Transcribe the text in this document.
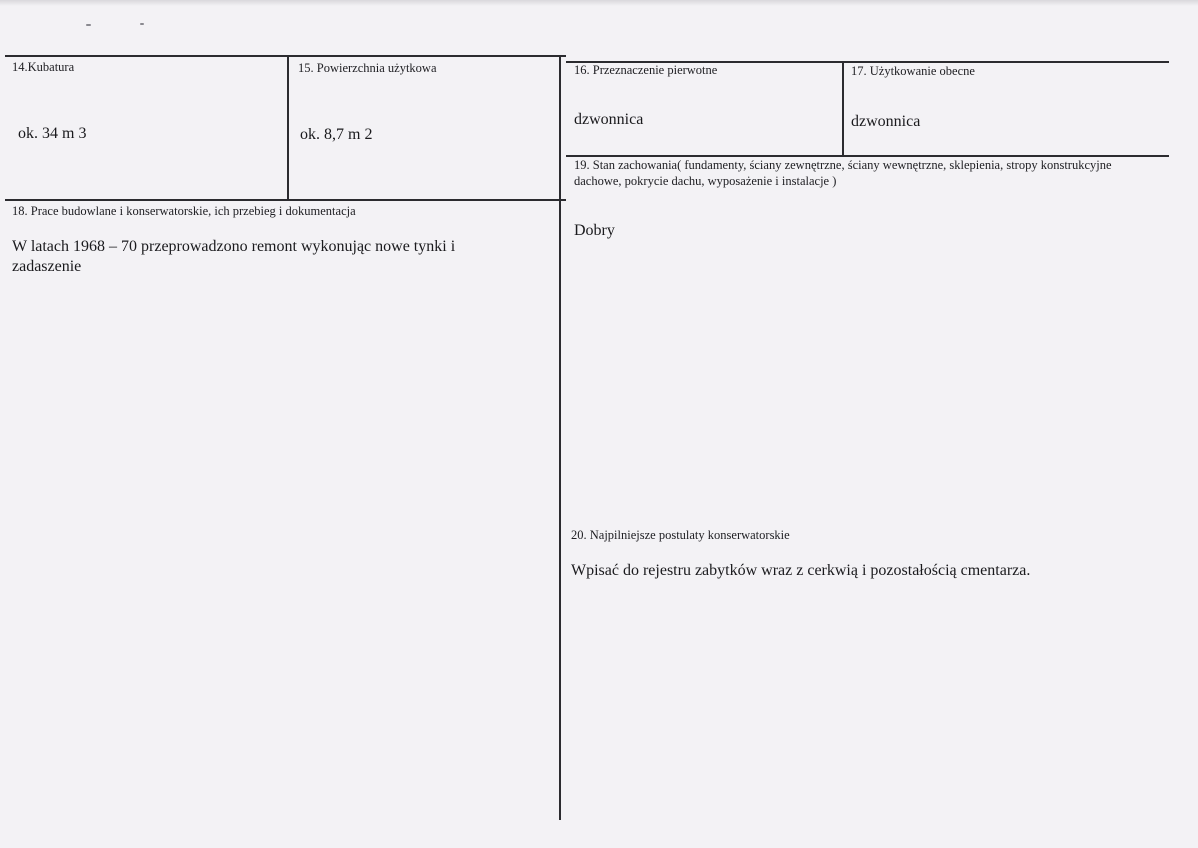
14.Kubatura
ok. 34 m 3
15. Powierzchnia użytkowa
ok. 8,7 m 2
16. Przeznaczenie pierwotne
dzwonnica
17. Użytkowanie obecne
dzwonnica
19. Stan zachowania( fundamenty, ściany zewnętrzne, ściany wewnętrzne, sklepienia, stropy konstrukcyjne dachowe, pokrycie dachu, wyposażenie i instalacje )
Dobry
18. Prace budowlane i konserwatorskie, ich przebieg i dokumentacja
W latach 1968 – 70 przeprowadzono remont wykonując nowe tynki i zadaszenie
20. Najpilniejsze postulaty konserwatorskie
Wpisać do rejestru zabytków wraz z cerkwią i pozostałością cmentarza.
